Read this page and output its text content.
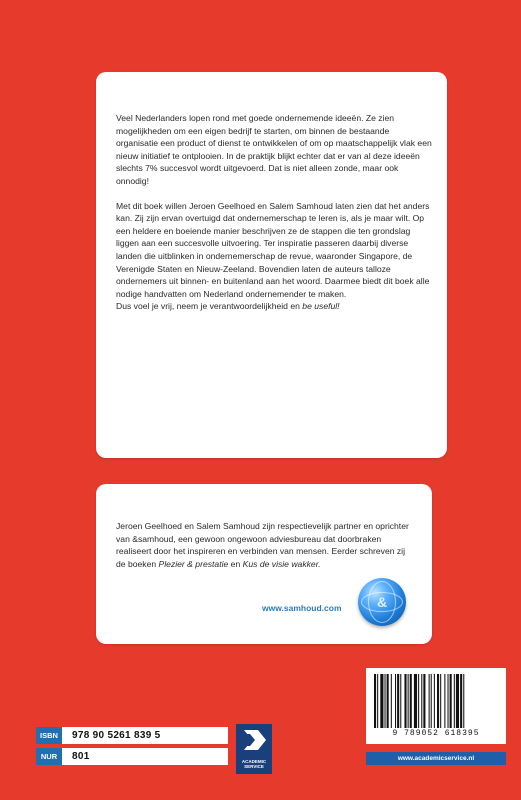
Veel Nederlanders lopen rond met goede ondernemende ideeën. Ze zien mogelijkheden om een eigen bedrijf te starten, om binnen de bestaande organisatie een product of dienst te ontwikkelen of om op maatschappelijk vlak een nieuw initiatief te ontplooien. In de praktijk blijkt echter dat er van al deze ideeën slechts 7% succesvol wordt uitgevoerd. Dat is niet alleen zonde, maar ook onnodig!

Met dit boek willen Jeroen Geelhoed en Salem Samhoud laten zien dat het anders kan. Zij zijn ervan overtuigd dat ondernemerschap te leren is, als je maar wilt. Op een heldere en boeiende manier beschrijven ze de stappen die ten grondslag liggen aan een succesvolle uitvoering. Ter inspiratie passeren daarbij diverse landen die uitblinken in ondernemerschap de revue, waaronder Singapore, de Verenigde Staten en Nieuw-Zeeland. Bovendien laten de auteurs talloze ondernemers uit binnen- en buitenland aan het woord. Daarmee biedt dit boek alle nodige handvatten om Nederland ondernemender te maken.

Dus voel je vrij, neem je verantwoordelijkheid en be useful!

Jeroen Geelhoed en Salem Samhoud zijn respectievelijk partner en oprichter van &samhoud, een gewoon ongewoon adviesbureau dat doorbraken realiseert door het inspireren en verbinden van mensen. Eerder schreven zij de boeken Plezier & prestatie en Kus de visie wakker.

www.samhoud.com	&
ISBN	978 90 5261 839 5
NUR	801	ACADEMIC
SERVICE
9 789052 618395
www.academicservice.nl
